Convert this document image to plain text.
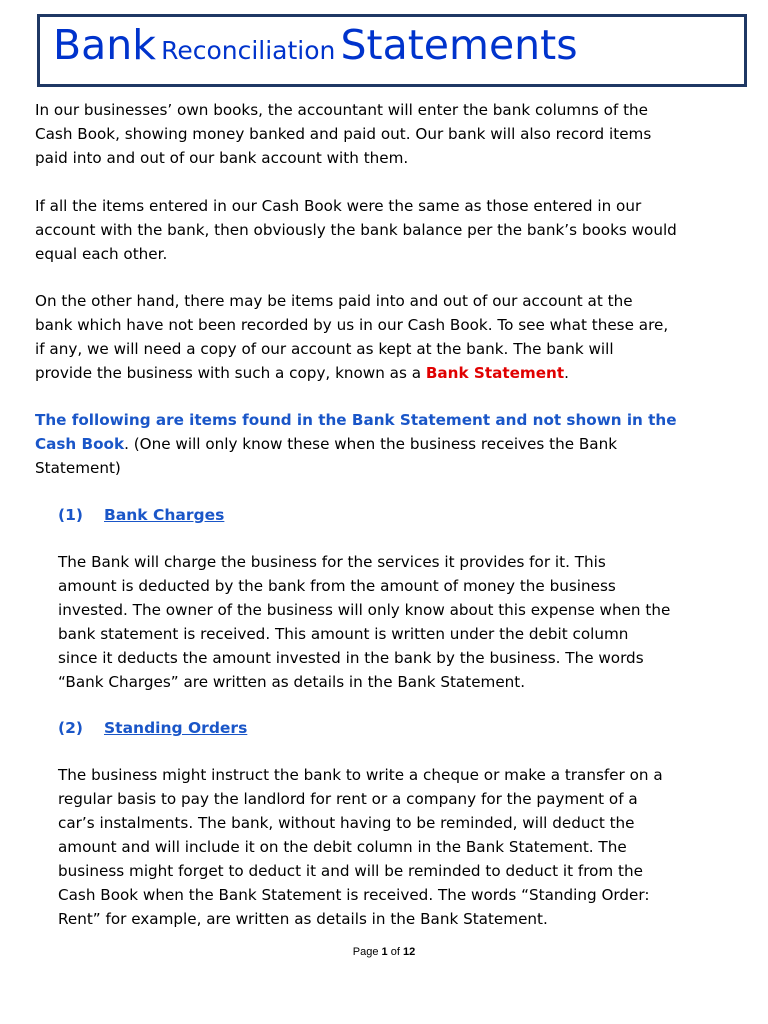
Bank Reconciliation Statements
In our businesses’ own books, the accountant will enter the bank columns of the
Cash Book, showing money banked and paid out. Our bank will also record items
paid into and out of our bank account with them.
If all the items entered in our Cash Book were the same as those entered in our
account with the bank, then obviously the bank balance per the bank’s books would
equal each other.
On the other hand, there may be items paid into and out of our account at the
bank which have not been recorded by us in our Cash Book. To see what these are,
if any, we will need a copy of our account as kept at the bank. The bank will
provide the business with such a copy, known as a Bank Statement.
The following are items found in the Bank Statement and not shown in the
Cash Book. (One will only know these when the business receives the Bank
Statement)
(1) Bank Charges
The Bank will charge the business for the services it provides for it. This
amount is deducted by the bank from the amount of money the business
invested. The owner of the business will only know about this expense when the
bank statement is received. This amount is written under the debit column
since it deducts the amount invested in the bank by the business. The words
“Bank Charges” are written as details in the Bank Statement.
(2) Standing Orders
The business might instruct the bank to write a cheque or make a transfer on a
regular basis to pay the landlord for rent or a company for the payment of a
car’s instalments. The bank, without having to be reminded, will deduct the
amount and will include it on the debit column in the Bank Statement. The
business might forget to deduct it and will be reminded to deduct it from the
Cash Book when the Bank Statement is received. The words “Standing Order:
Rent” for example, are written as details in the Bank Statement.
Page 1 of 12
